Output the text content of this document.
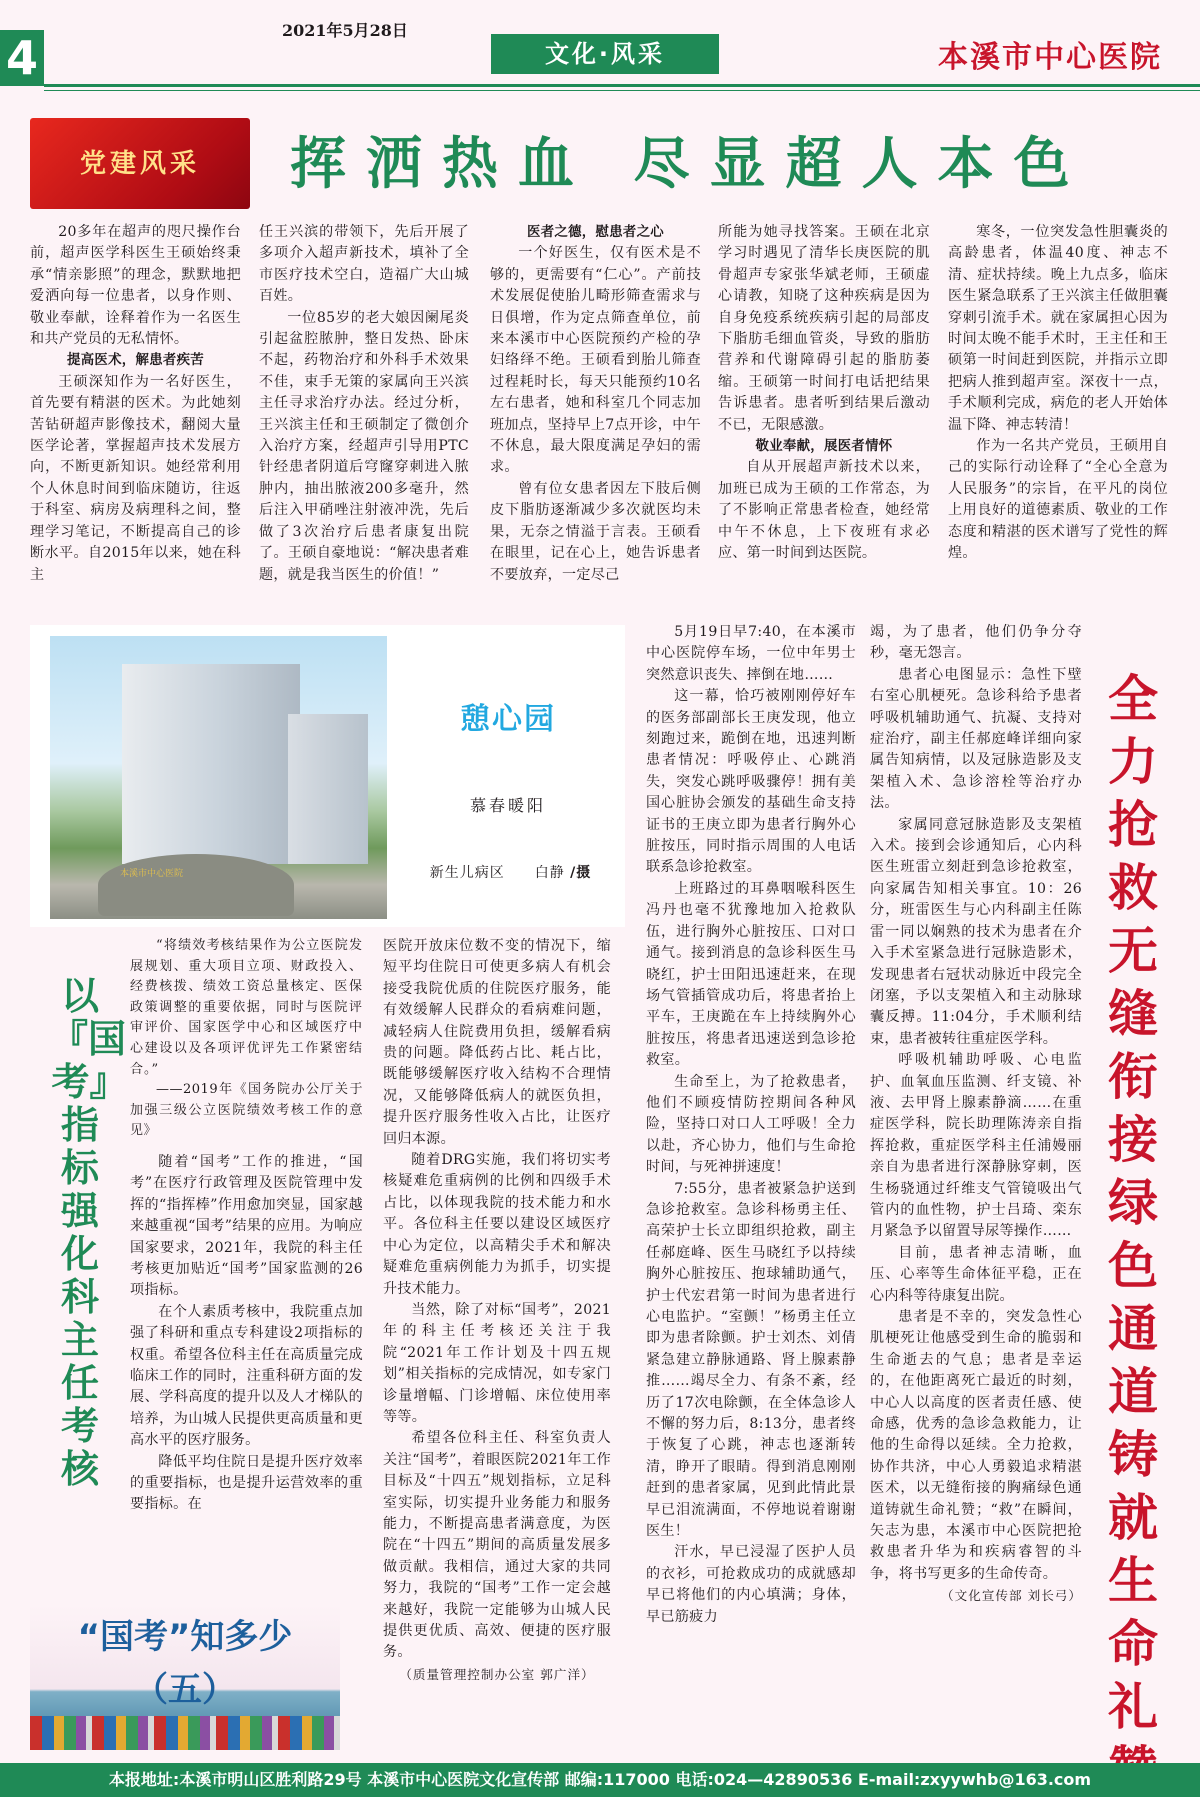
4
2021年5月28日
文化·风采	本溪市中心医院
党建风采	挥洒热血 尽显超人本色

20多年在超声的咫尺操作台前，超声医学科医生王硕始终秉承“情亲影照”的理念，默默地把爱洒向每一位患者，以身作则、敬业奉献，诠释着作为一名医生和共产党员的无私情怀。

提高医术，解患者疾苦

王硕深知作为一名好医生，首先要有精湛的医术。为此她刻苦钻研超声影像技术，翻阅大量医学论著，掌握超声技术发展方向，不断更新知识。她经常利用个人休息时间到临床随访，往返于科室、病房及病理科之间，整理学习笔记，不断提高自己的诊断水平。自2015年以来，她在科主

任王兴滨的带领下，先后开展了多项介入超声新技术，填补了全市医疗技术空白，造福广大山城百姓。

一位85岁的老大娘因阑尾炎引起盆腔脓肿，整日发热、卧床不起，药物治疗和外科手术效果不佳，束手无策的家属向王兴滨主任寻求治疗办法。经过分析，王兴滨主任和王硕制定了微创介入治疗方案，经超声引导用PTC针经患者阴道后穹窿穿刺进入脓肿内，抽出脓液200多毫升，然后注入甲硝唑注射液冲洗，先后做了3次治疗后患者康复出院了。王硕自豪地说：“解决患者难题，就是我当医生的价值！”

医者之德，慰患者之心

一个好医生，仅有医术是不够的，更需要有“仁心”。产前技术发展促使胎儿畸形筛查需求与日俱增，作为定点筛查单位，前来本溪市中心医院预约产检的孕妇络绎不绝。王硕看到胎儿筛查过程耗时长，每天只能预约10名左右患者，她和科室几个同志加班加点，坚持早上7点开诊，中午不休息，最大限度满足孕妇的需求。

曾有位女患者因左下肢后侧皮下脂肪逐渐减少多次就医均未果，无奈之情溢于言表。王硕看在眼里，记在心上，她告诉患者不要放弃，一定尽己

所能为她寻找答案。王硕在北京学习时遇见了清华长庚医院的肌骨超声专家张华斌老师，王硕虚心请教，知晓了这种疾病是因为自身免疫系统疾病引起的局部皮下脂肪毛细血管炎，导致的脂肪营养和代谢障碍引起的脂肪萎缩。王硕第一时间打电话把结果告诉患者。患者听到结果后激动不已，无限感激。

敬业奉献，展医者情怀

自从开展超声新技术以来，加班已成为王硕的工作常态，为了不影响正常患者检查，她经常中午不休息，上下夜班有求必应、第一时间到达医院。

寒冬，一位突发急性胆囊炎的高龄患者，体温40度、神志不清、症状持续。晚上九点多，临床医生紧急联系了王兴滨主任做胆囊穿刺引流手术。就在家属担心因为时间太晚不能手术时，王主任和王硕第一时间赶到医院，并指示立即把病人推到超声室。深夜十一点，手术顺利完成，病危的老人开始体温下降、神志转清！

作为一名共产党员，王硕用自己的实际行动诠释了“全心全意为人民服务”的宗旨，在平凡的岗位上用良好的道德素质、敬业的工作态度和精湛的医术谱写了党性的辉煌。

本溪市中心医院
憩心园
慕春暖阳
新生儿病区   白静 /摄

5月19日早7:40，在本溪市中心医院停车场，一位中年男士突然意识丧失、摔倒在地……

这一幕，恰巧被刚刚停好车的医务部副部长王庚发现，他立刻跑过来，跪倒在地，迅速判断患者情况：呼吸停止、心跳消失，突发心跳呼吸骤停！拥有美国心脏协会颁发的基础生命支持证书的王庚立即为患者行胸外心脏按压，同时指示周围的人电话联系急诊抢救室。

上班路过的耳鼻咽喉科医生冯丹也毫不犹豫地加入抢救队伍，进行胸外心脏按压、口对口通气。接到消息的急诊科医生马晓红，护士田阳迅速赶来，在现场气管插管成功后，将患者抬上平车，王庚跪在车上持续胸外心脏按压，将患者迅速送到急诊抢救室。

生命至上，为了抢救患者，他们不顾疫情防控期间各种风险，坚持口对口人工呼吸！全力以赴，齐心协力，他们与生命抢时间，与死神拼速度！

7:55分，患者被紧急护送到急诊抢救室。急诊科杨勇主任、高荣护士长立即组织抢救，副主任郝庭峰、医生马晓红予以持续胸外心脏按压、抱球辅助通气，护士代宏君第一时间为患者进行心电监护。“室颤！”杨勇主任立即为患者除颤。护士刘杰、刘倩紧急建立静脉通路、肾上腺素静推……竭尽全力、有条不紊，经历了17次电除颤，在全体急诊人不懈的努力后，8:13分，患者终于恢复了心跳，神志也逐渐转清，睁开了眼睛。得到消息刚刚赶到的患者家属，见到此情此景早已泪流满面，不停地说着谢谢医生！

汗水，早已浸湿了医护人员的衣衫，可抢救成功的成就感却早已将他们的内心填满；身体，早已筋疲力

竭，为了患者，他们仍争分夺秒，毫无怨言。

患者心电图显示：急性下壁右室心肌梗死。急诊科给予患者呼吸机辅助通气、抗凝、支持对症治疗，副主任郝庭峰详细向家属告知病情，以及冠脉造影及支架植入术、急诊溶栓等治疗办法。

家属同意冠脉造影及支架植入术。接到会诊通知后，心内科医生班雷立刻赶到急诊抢救室，向家属告知相关事宜。10：26分，班雷医生与心内科副主任陈雷一同以娴熟的技术为患者在介入手术室紧急进行冠脉造影术，发现患者右冠状动脉近中段完全闭塞，予以支架植入和主动脉球囊反搏。11:04分，手术顺利结束，患者被转往重症医学科。

呼吸机辅助呼吸、心电监护、血氧血压监测、纤支镜、补液、去甲肾上腺素静滴……在重症医学科，院长助理陈涛亲自指挥抢救，重症医学科主任浦嫚丽亲自为患者进行深静脉穿刺，医生杨骁通过纤维支气管镜吸出气管内的血性物，护士吕琦、栾东月紧急予以留置导尿等操作……

目前，患者神志清晰，血压、心率等生命体征平稳，正在心内科等待康复出院。

患者是不幸的，突发急性心肌梗死让他感受到生命的脆弱和生命逝去的气息；患者是幸运的，在他距离死亡最近的时刻，中心人以高度的医者责任感、使命感，优秀的急诊急救能力，让他的生命得以延续。全力抢救，协作共济，中心人勇毅追求精湛医术，以无缝衔接的胸痛绿色通道铸就生命礼赞；“救”在瞬间，矢志为患，本溪市中心医院把抢救患者升华为和疾病睿智的斗争，将书写更多的生命传奇。

（文化宣传部 刘长弓）

全力抢救 无缝衔接 绿色通道铸就生命礼
以『国考』指标强化科主任考核

“将绩效考核结果作为公立医院发展规划、重大项目立项、财政投入、经费核拨、绩效工资总量核定、医保政策调整的重要依据，同时与医院评审评价、国家医学中心和区域医疗中心建设以及各项评优评先工作紧密结合。”

——2019年《国务院办公厅关于加强三级公立医院绩效考核工作的意见》

随着“国考”工作的推进，“国考”在医疗行政管理及医院管理中发挥的“指挥棒”作用愈加突显，国家越来越重视“国考”结果的应用。为响应国家要求，2021年，我院的科主任考核更加贴近“国考”国家监测的26项指标。

在个人素质考核中，我院重点加强了科研和重点专科建设2项指标的权重。希望各位科主任在高质量完成临床工作的同时，注重科研方面的发展、学科高度的提升以及人才梯队的培养，为山城人民提供更高质量和更高水平的医疗服务。

降低平均住院日是提升医疗效率的重要指标，也是提升运营效率的重要指标。在

医院开放床位数不变的情况下，缩短平均住院日可使更多病人有机会接受我院优质的住院医疗服务，能有效缓解人民群众的看病难问题，减轻病人住院费用负担，缓解看病贵的问题。降低药占比、耗占比，既能够缓解医疗收入结构不合理情况，又能够降低病人的就医负担，提升医疗服务性收入占比，让医疗回归本源。

随着DRG实施，我们将切实考核疑难危重病例的比例和四级手术占比，以体现我院的技术能力和水平。各位科主任要以建设区域医疗中心为定位，以高精尖手术和解决疑难危重病例能力为抓手，切实提升技术能力。

当然，除了对标“国考”，2021年的科主任考核还关注于我院“2021年工作计划及十四五规划”相关指标的完成情况，如专家门诊量增幅、门诊增幅、床位使用率等等。

希望各位科主任、科室负责人关注“国考”，着眼医院2021年工作目标及“十四五”规划指标，立足科室实际，切实提升业务能力和服务能力，不断提高患者满意度，为医院在“十四五”期间的高质量发展多做贡献。我相信，通过大家的共同努力，我院的“国考”工作一定会越来越好，我院一定能够为山城人民提供更优质、高效、便捷的医疗服务。

（质量管理控制办公室 郭广洋）

“国考”知多少
（五）
本报地址:本溪市明山区胜利路29号 本溪市中心医院文化宣传部 邮编:117000 电话:024—42890536 E-mail:zxyywhb@163.com
